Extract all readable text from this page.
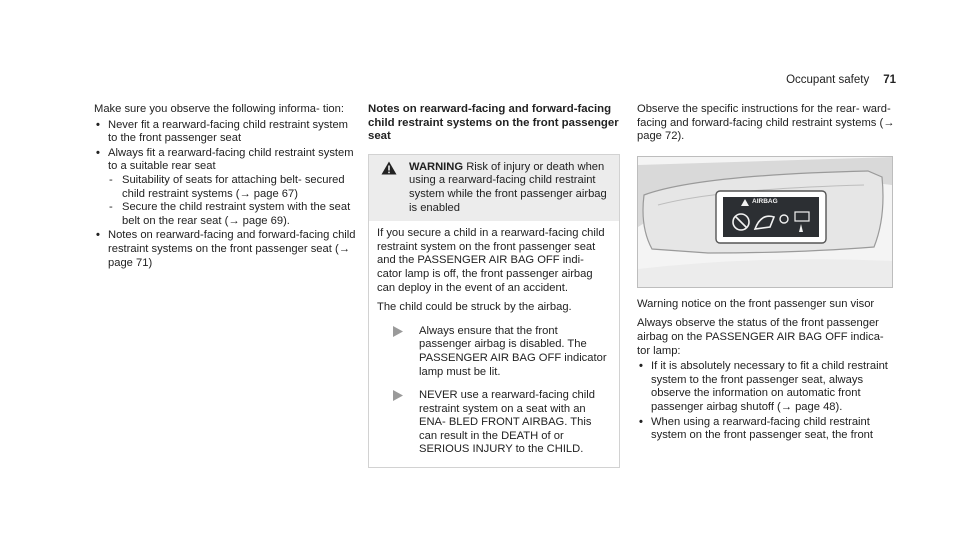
Occupant safety 71

Make sure you observe the following informa- tion:

• Never fit a rearward-facing child restraint system to the front passenger seat
• Always fit a rearward-facing child restraint system to a suitable rear seat
- Suitability of seats for attaching belt- secured child restraint systems (→ page 67)
- Secure the child restraint system with the seat belt on the rear seat (→ page 69).
• Notes on rearward-facing and forward-facing child restraint systems on the front passenger seat (→ page 71)
Notes on rearward-facing and forward-facing child restraint systems on the front passenger seat
WARNING Risk of injury or death when using a rearward-facing child restraint system while the front passenger airbag is enabled

If you secure a child in a rearward-facing child restraint system on the front passenger seat and the PASSENGER AIR BAG OFF indi- cator lamp is off, the front passenger airbag can deploy in the event of an accident.

The child could be struck by the airbag.

Always ensure that the front passenger airbag is disabled. The PASSENGER AIR BAG OFF indicator lamp must be lit.
NEVER use a rearward-facing child restraint system on a seat with an ENA- BLED FRONT AIRBAG. This can result in the DEATH of or SERIOUS INJURY to the CHILD.

Observe the specific instructions for the rear- ward-facing and forward-facing child restraint systems (→ page 72).

AIRBAG

Warning notice on the front passenger sun visor

Always observe the status of the front passenger airbag on the PASSENGER AIR BAG OFF indica- tor lamp:

• If it is absolutely necessary to fit a child restraint system to the front passenger seat, always observe the information on automatic front passenger airbag shutoff (→ page 48).
• When using a rearward-facing child restraint system on the front passenger seat, the front
